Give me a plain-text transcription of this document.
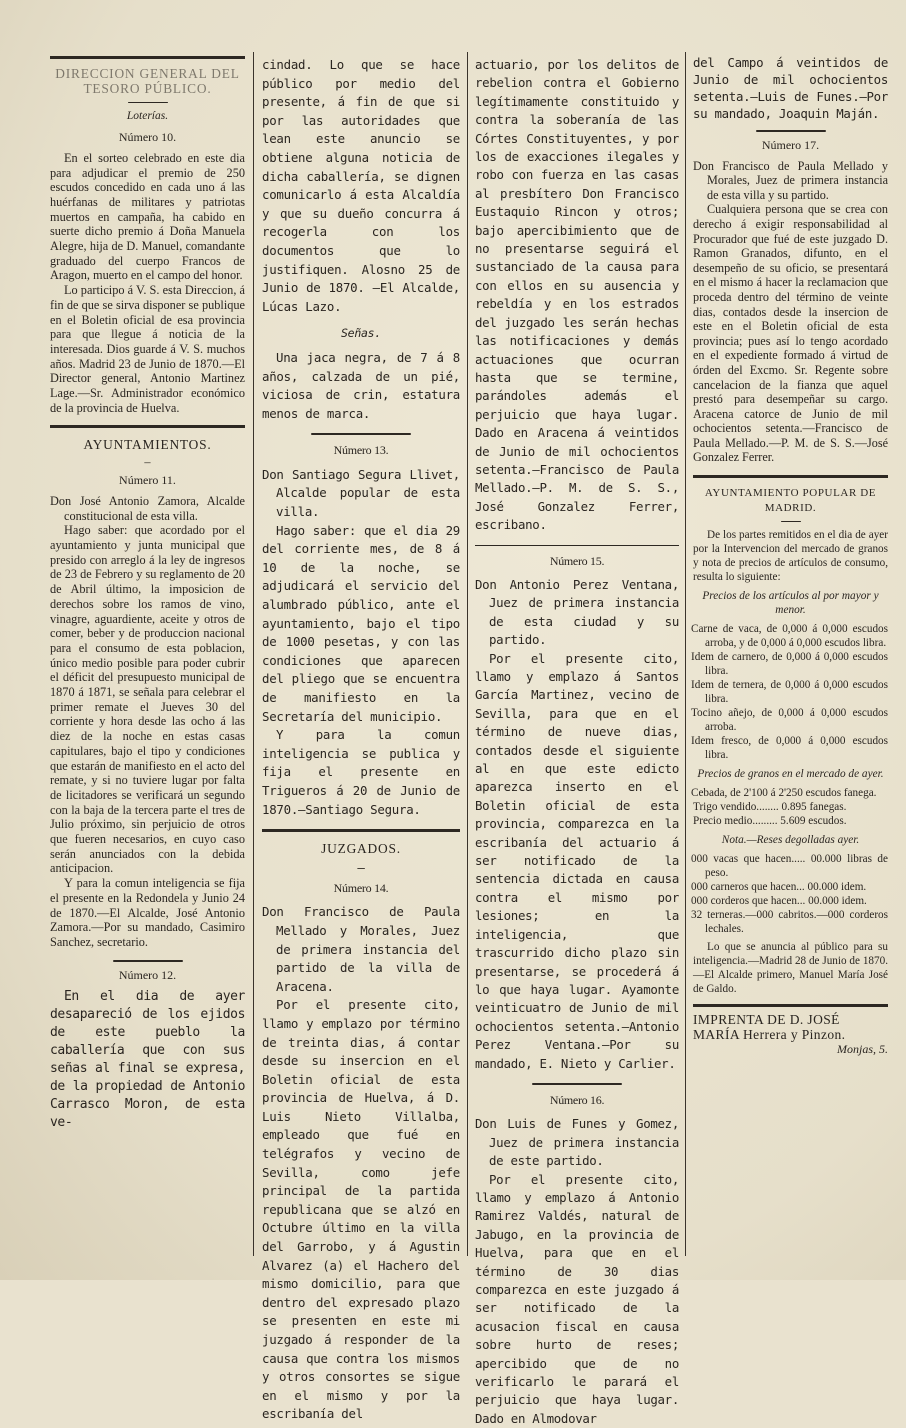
DIRECCION GENERAL DEL TESORO PÚBLICO.
Loterías.
Número 10.

En el sorteo celebrado en este dia para adjudicar el premio de 250 escudos concedido en cada uno á las huérfanas de militares y patriotas muertos en campaña, ha cabido en suerte dicho premio á Doña Manuela Alegre, hija de D. Manuel, comandante graduado del cuerpo Francos de Aragon, muerto en el campo del honor.

Lo participo á V. S. esta Direccion, á fin de que se sirva disponer se publique en el Boletin oficial de esa provincia para que llegue á noticia de la interesada. Dios guarde á V. S. muchos años. Madrid 23 de Junio de 1870.—El Director general, Antonio Martinez Lage.—Sr. Administrador económico de la provincia de Huelva.

AYUNTAMIENTOS.
–
Número 11.

Don José Antonio Zamora, Alcalde constitucional de esta villa.

Hago saber: que acordado por el ayuntamiento y junta municipal que presido con arreglo á la ley de ingresos de 23 de Febrero y su reglamento de 20 de Abril último, la imposicion de derechos sobre los ramos de vino, vinagre, aguardiente, aceite y otros de comer, beber y de produccion nacional para el consumo de esta poblacion, único medio posible para poder cubrir el déficit del presupuesto municipal de 1870 á 1871, se señala para celebrar el primer remate el Jueves 30 del corriente y hora desde las ocho á las diez de la noche en estas casas capitulares, bajo el tipo y condiciones que estarán de manifiesto en el acto del remate, y si no tuviere lugar por falta de licitadores se verificará un segundo con la baja de la tercera parte el tres de Julio próximo, sin perjuicio de otros que fueren necesarios, en cuyo caso serán anunciados con la debida anticipacion.

Y para la comun inteligencia se fija el presente en la Redondela y Junio 24 de 1870.—El Alcalde, José Antonio Zamora.—Por su mandado, Casimiro Sanchez, secretario.

Número 12.

En el dia de ayer desapareció de los ejidos de este pueblo la caballería que con sus señas al final se expresa, de la propiedad de Antonio Carrasco Moron, de esta ve-

cindad. Lo que se hace público por medio del presente, á fin de que si por las autoridades que lean este anuncio se obtiene alguna noticia de dicha caballería, se dignen comunicarlo á esta Alcaldía y que su dueño concurra á recogerla con los documentos que lo justifiquen. Alosno 25 de Junio de 1870. —El Alcalde, Lúcas Lazo.

Señas.

Una jaca negra, de 7 á 8 años, calzada de un pié, viciosa de crin, estatura menos de marca.

Número 13.

Don Santiago Segura Llivet, Alcalde popular de esta villa.

Hago saber: que el dia 29 del corriente mes, de 8 á 10 de la noche, se adjudicará el servicio del alumbrado público, ante el ayuntamiento, bajo el tipo de 1000 pesetas, y con las condiciones que aparecen del pliego que se encuentra de manifiesto en la Secretaría del municipio.

Y para la comun inteligencia se publica y fija el presente en Trigueros á 20 de Junio de 1870.—Santiago Segura.

JUZGADOS.
–
Número 14.

Don Francisco de Paula Mellado y Morales, Juez de primera instancia del partido de la villa de Aracena.

Por el presente cito, llamo y emplazo por término de treinta dias, á contar desde su insercion en el Boletin oficial de esta provincia de Huelva, á D. Luis Nieto Villalba, empleado que fué en telégrafos y vecino de Sevilla, como jefe principal de la partida republicana que se alzó en Octubre último en la villa del Garrobo, y á Agustin Alvarez (a) el Hachero del mismo domicilio, para que dentro del expresado plazo se presenten en este mi juzgado á responder de la causa que contra los mismos y otros consortes se sigue en el mismo y por la escribanía del

actuario, por los delitos de rebelion contra el Gobierno legítimamente constituido y contra la soberanía de las Córtes Constituyentes, y por los de exacciones ilegales y robo con fuerza en las casas al presbítero Don Francisco Eustaquio Rincon y otros; bajo apercibimiento que de no presentarse seguirá el sustanciado de la causa para con ellos en su ausencia y rebeldía y en los estrados del juzgado les serán hechas las notificaciones y demás actuaciones que ocurran hasta que se termine, parándoles además el perjuicio que haya lugar. Dado en Aracena á veintidos de Junio de mil ochocientos setenta.—Francisco de Paula Mellado.—P. M. de S. S., José Gonzalez Ferrer, escribano.

Número 15.

Don Antonio Perez Ventana, Juez de primera instancia de esta ciudad y su partido.

Por el presente cito, llamo y emplazo á Santos García Martinez, vecino de Sevilla, para que en el término de nueve dias, contados desde el siguiente al en que este edicto aparezca inserto en el Boletin oficial de esta provincia, comparezca en la escribanía del actuario á ser notificado de la sentencia dictada en causa contra el mismo por lesiones; en la inteligencia, que trascurrido dicho plazo sin presentarse, se procederá á lo que haya lugar. Ayamonte veinticuatro de Junio de mil ochocientos setenta.—Antonio Perez Ventana.—Por su mandado, E. Nieto y Carlier.

Número 16.

Don Luis de Funes y Gomez, Juez de primera instancia de este partido.

Por el presente cito, llamo y emplazo á Antonio Ramirez Valdés, natural de Jabugo, en la provincia de Huelva, para que en el término de 30 dias comparezca en este juzgado á ser notificado de la acusacion fiscal en causa sobre hurto de reses; apercibido que de no verificarlo le parará el perjuicio que haya lugar. Dado en Almodovar

del Campo á veintidos de Junio de mil ochocientos setenta.—Luis de Funes.—Por su mandado, Joaquin Maján.

Número 17.

Don Francisco de Paula Mellado y Morales, Juez de primera instancia de esta villa y su partido.

Cualquiera persona que se crea con derecho á exigir responsabilidad al Procurador que fué de este juzgado D. Ramon Granados, difunto, en el desempeño de su oficio, se presentará en el mismo á hacer la reclamacion que proceda dentro del término de veinte dias, contados desde la insercion de este en el Boletin oficial de esta provincia; pues así lo tengo acordado en el expediente formado á virtud de órden del Excmo. Sr. Regente sobre cancelacion de la fianza que aquel prestó para desempeñar su cargo. Aracena catorce de Junio de mil ochocientos setenta.—Francisco de Paula Mellado.—P. M. de S. S.—José Gonzalez Ferrer.

AYUNTAMIENTO POPULAR DE MADRID.

De los partes remitidos en el dia de ayer por la Intervencion del mercado de granos y nota de precios de artículos de consumo, resulta lo siguiente:

Precios de los artículos al por mayor y menor.

Carne de vaca, de 0,000 á 0,000 escudos arroba, y de 0,000 á 0,000 escudos libra.

Idem de carnero, de 0,000 á 0,000 escudos libra.

Idem de ternera, de 0,000 á 0,000 escudos libra.

Tocino añejo, de 0,000 á 0,000 escudos arroba.

Idem fresco, de 0,000 á 0,000 escudos libra.

Precios de granos en el mercado de ayer.

Cebada, de 2'100 á 2'250 escudos fanega.

Trigo vendido........ 0.895 fanegas.

Precio medio......... 5.609 escudos.

Nota.—Reses degolladas ayer.

000 vacas que hacen..... 00.000 libras de peso.

000 carneros que hacen... 00.000 idem.

000 corderos que hacen... 00.000 idem.

32 terneras.—000 cabritos.—000 corderos lechales.

Lo que se anuncia al público para su inteligencia.—Madrid 28 de Junio de 1870.—El Alcalde primero, Manuel María José de Galdo.

IMPRENTA DE D. JOSÉ MARÍA Herrera y Pinzon.

Monjas, 5.
